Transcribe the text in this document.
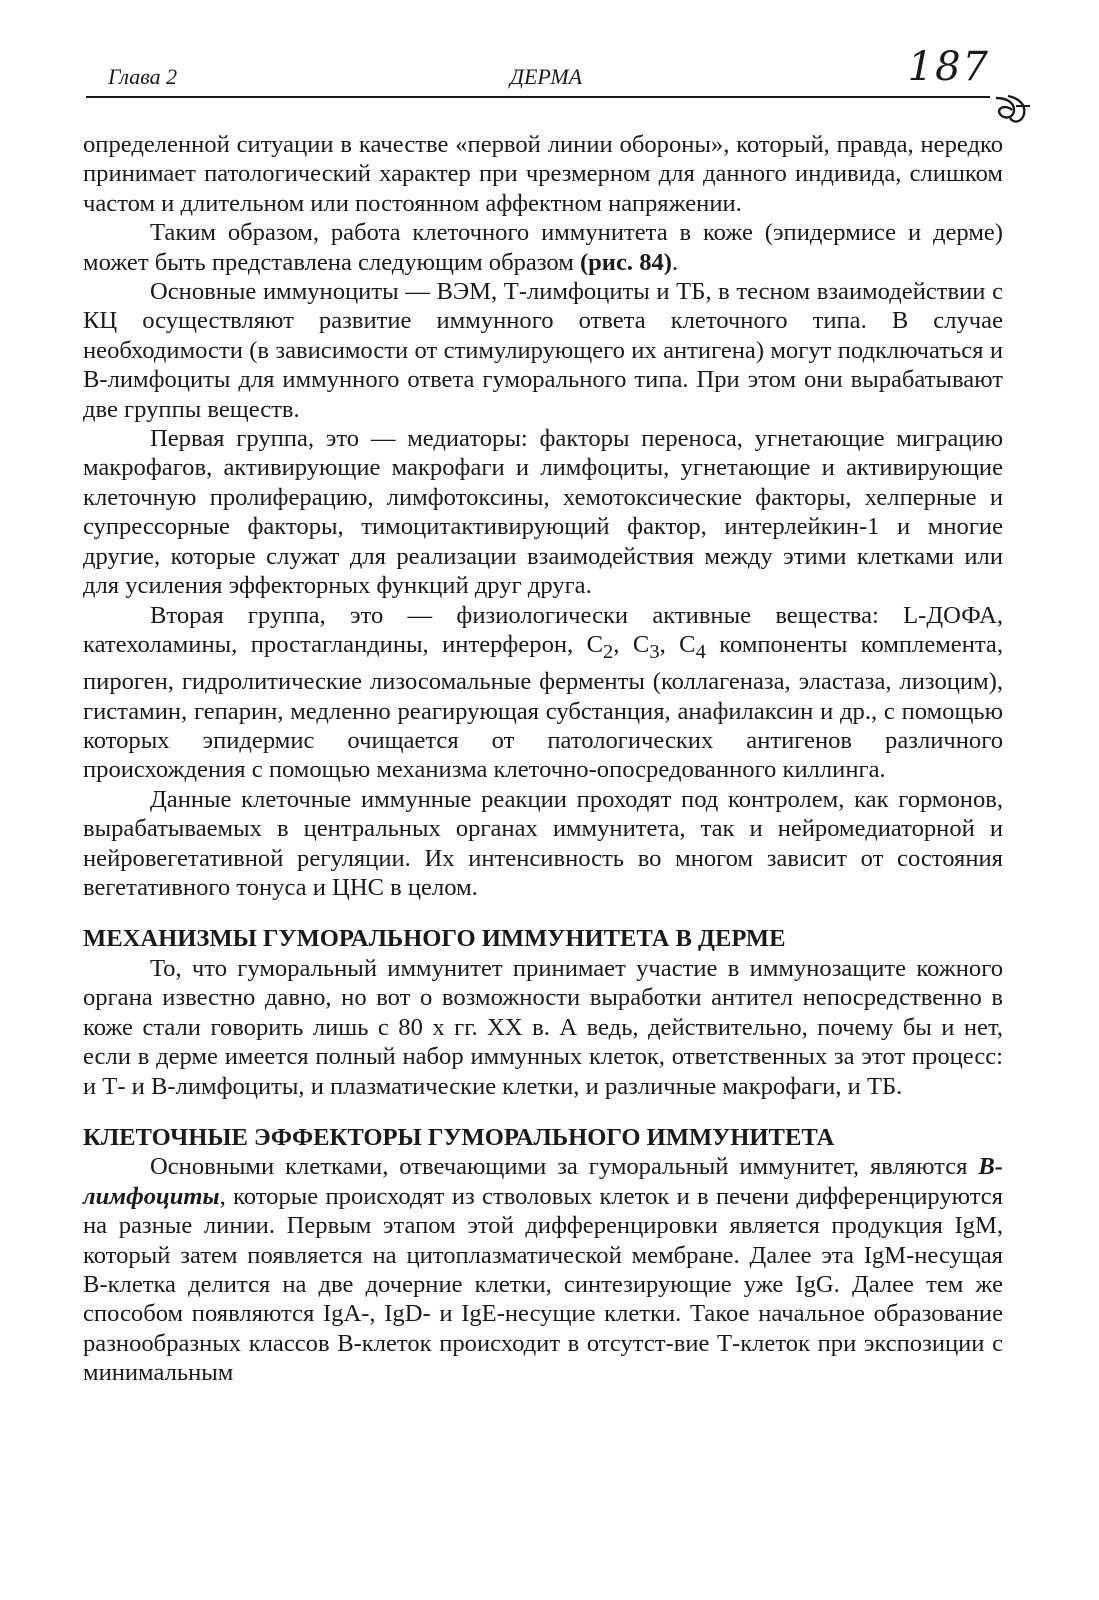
Глава 2	ДЕРМА	187

определенной ситуации в качестве «первой линии обороны», который, правда, нередко принимает патологический характер при чрезмерном для данного индивида, слишком частом и длительном или постоянном аффектном напряжении.

Таким образом, работа клеточного иммунитета в коже (эпидермисе и дерме) может быть представлена следующим образом (рис. 84).

Основные иммуноциты — ВЭМ, Т-лимфоциты и ТБ, в тесном взаимодействии с КЦ осуществляют развитие иммунного ответа клеточного типа. В случае необходимости (в зависимости от стимулирующего их антигена) могут подключаться и В-лимфоциты для иммунного ответа гуморального типа. При этом они вырабатывают две группы веществ.

Первая группа, это — медиаторы: факторы переноса, угнетающие миграцию макрофагов, активирующие макрофаги и лимфоциты, угнетающие и активирующие клеточную пролиферацию, лимфотоксины, хемотоксические факторы, хелперные и супрессорные факторы, тимоцитактивирующий фактор, интерлейкин-1 и многие другие, которые служат для реализации взаимодействия между этими клетками или для усиления эффекторных функций друг друга.

Вторая группа, это — физиологически активные вещества: L-ДОФА, катехоламины, простагландины, интерферон, $С_2$, $С_3$, $С_4$ компоненты комплемента, пироген, гидролитические лизосомальные ферменты (коллагеназа, эластаза, лизоцим), гистамин, гепарин, медленно реагирующая субстанция, анафилаксин и др., с помощью которых эпидермис очищается от патологических антигенов различного происхождения с помощью механизма клеточно-опосредованного киллинга.

Данные клеточные иммунные реакции проходят под контролем, как гормонов, вырабатываемых в центральных органах иммунитета, так и нейромедиаторной и нейровегетативной регуляции. Их интенсивность во многом зависит от состояния вегетативного тонуса и ЦНС в целом.

МЕХАНИЗМЫ ГУМОРАЛЬНОГО ИММУНИТЕТА В ДЕРМЕ

То, что гуморальный иммунитет принимает участие в иммунозащите кожного органа известно давно, но вот о возможности выработки антител непосредственно в коже стали говорить лишь с 80 х гг. XX в. А ведь, действительно, почему бы и нет, если в дерме имеется полный набор иммунных клеток, ответственных за этот процесс: и Т- и В-лимфоциты, и плазматические клетки, и различные макрофаги, и ТБ.

КЛЕТОЧНЫЕ ЭФФЕКТОРЫ ГУМОРАЛЬНОГО ИММУНИТЕТА

Основными клетками, отвечающими за гуморальный иммунитет, являются В-лимфоциты, которые происходят из стволовых клеток и в печени дифференцируются на разные линии. Первым этапом этой дифференцировки является продукция IgM, который затем появляется на цитоплазматической мембране. Далее эта IgM-несущая В-клетка делится на две дочерние клетки, синтезирующие уже IgG. Далее тем же способом появляются IgA-, IgD- и IgE-несущие клетки. Такое начальное образование разнообразных классов В-клеток происходит в отсутст-вие Т-клеток при экспозиции с минимальным
